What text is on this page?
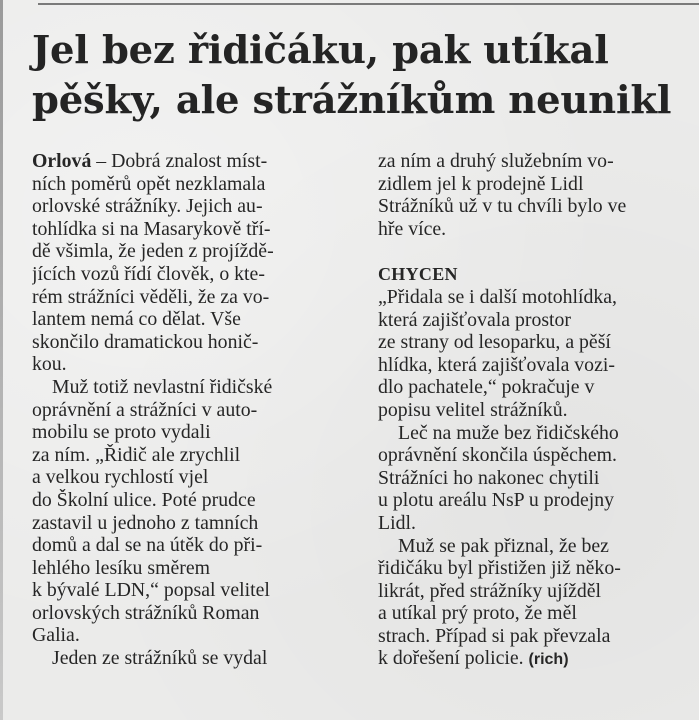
Jel bez řidičáku, pak utíkal
pěšky, ale strážníkům neunikl
Orlová – Dobrá znalost míst-
ních poměrů opět nezklamala
orlovské strážníky. Jejich au-
tohlídka si na Masarykově tří-
dě všimla, že jeden z projíždě-
jících vozů řídí člověk, o kte-
rém strážníci věděli, že za vo-
lantem nemá co dělat. Vše
skončilo dramatickou honič-
kou.
Muž totiž nevlastní řidičské
oprávnění a strážníci v auto-
mobilu se proto vydali
za ním. „Řidič ale zrychlil
a velkou rychlostí vjel
do Školní ulice. Poté prudce
zastavil u jednoho z tamních
domů a dal se na útěk do při-
lehlého lesíku směrem
k bývalé LDN,“ popsal velitel
orlovských strážníků Roman
Galia.
Jeden ze strážníků se vydal
za ním a druhý služebním vo-
zidlem jel k prodejně Lidl
Strážníků už v tu chvíli bylo ve
hře více.
CHYCEN
„Přidala se i další motohlídka,
která zajišťovala prostor
ze strany od lesoparku, a pěší
hlídka, která zajišťovala vozi-
dlo pachatele,“ pokračuje v
popisu velitel strážníků.
Leč na muže bez řidičského
oprávnění skončila úspěchem.
Strážníci ho nakonec chytili
u plotu areálu NsP u prodejny
Lidl.
Muž se pak přiznal, že bez
řidičáku byl přistižen již něko-
likrát, před strážníky ujížděl
a utíkal prý proto, že měl
strach. Případ si pak převzala
k dořešení policie. (rich)
